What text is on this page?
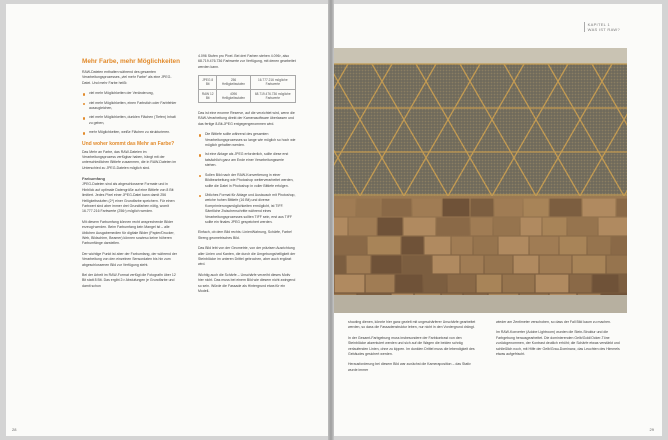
Mehr Farbe, mehr Möglichkeiten

RAW-Dateien enthalten während des gesamten Verarbeitungsprozesses „viel mehr Farbe“ als eine JPEG-Datei. Und mehr Farbe heißt:

viel mehr Möglichkeiten der Veränderung,
viel mehr Möglichkeiten, einen Farbstich oder Farbfehler auszugleichen,
viel mehr Möglichkeiten, dunklen Flächen (Tiefen) Inhalt zu geben,
mehr Möglichkeiten, weiße Flächen zu strukturieren.
Und woher kommt das Mehr an Farbe?

Das Mehr an Farbe, das RAW-Dateien im Verarbeitungsprozess verfügbar haben, hängt mit der unterschiedlichen Bittiefe zusammen, die in RAW-Dateien im Unterschied zu JPEG-Dateien möglich sind.

Farbumfang

JPEG-Dateien sind als abgeschlossene Formate und in Hinblick auf optimale Datengröße auf eine Bittiefe von 8 Bit limitiert. Jedes Pixel einer JPEG-Datei kann damit 256 Helligkeitsstufen (2⁸) einer Grundfarbe speichern. Für einen Farbwert sind aber immer drei Grundfarben nötig, womit 16.777.216 Farbwerte (256³) möglich werden.

Mit diesem Farbumfang können recht ansprechende Bilder erzeugt werden. Beim Farbumfang kein Mangel ist – alle üblichen Ausgabemedien für digitale Bilder (Papier/Drucker, Web, Bildschirm, Beamer) können sowieso keine höheren Farbumfänge darstellen.

Der wichtige Punkt ist aber der Farbumfang, der während der Verarbeitung von den einzelnen Sensordaten bis hin zum abgeschlossenen Bild zur Verfügung steht.

Bei der Arbeit im RAW-Format verfügt die Fotografin über 12 Bit statt 8 Bit. Das ergibt 2¹² Abstufungen je Grundfarbe und damit schon

4.096 Stufen pro Pixel. Bei drei Farben stehen 4.096³, also 68.719.476.736 Farbwerte zur Verfügung, mit denen gearbeitet werden kann.

JPEG 8 Bit	256 Helligkeitsstufen	16.777.216 mögliche Farbwerte
RAW 12 Bit	4096 Helligkeitsstufen	68.719.476.736 mögliche Farbwerte

Das ist eine enorme Reserve, auf die verzichtet wird, wenn die RAW-Verarbeitung direkt der Kamerasoftware überlassen und das fertige 8-Bit-JPEG entgegengenommen wird.

Die Bittiefe sollte während des gesamten Verarbeitungsprozesses so lange wie möglich so hoch wie möglich gehalten werden.
Ist eine Ablage als JPEG erforderlich, sollte diese erst tatsächlich ganz am Ende einer Verarbeitungsserie stehen.
Sollen Bild nach der RAW-Konvertierung in einer Bildbearbeitung wie Photoshop weiterverarbeitet werden, sollte die Datei in Photoshop in voller Bittiefe erfolgen.
Übliches Format für Ablage und Austausch mit Photoshop, welche hohen Bittiefe (16 Bit) und diverse Komprimierungsmöglichkeiten ermöglicht, ist TIFF. Sämtliche Zwischenschritte während eines Verarbeitungsprozesses sollten TIFF sein, erst aus TIFF sollte ein finales JPEG gespeichert werden.

Einfach, ob dem Bild rechts: LinienWahrung, Schärfe, Farbe! Streng geometrisches Bild.

Das Bild lebt von der Geometrie, von der präzisen Ausrichtung aller Linien und Kanten, die durch die Umgebungshelligkeit der Steinblöcke im unteren Drittel gebrochen, aber auch ergänzt wird.

Wichtig auch die Schärfe – Unschärfe verzeiht dieses Motiv hier nicht. Das muss bei einem Bild wie diesem nicht zwingend so sein. Würde die Fassade als Hintergrund etwa für ein Modell-

28
KAPITEL 1
WAS IST RAW?

shooting dienen, könnte hier ganz gezielt mit ungeschärferer Unschärfe gearbeitet werden, so dass die Fassadenstruktur leben, nur nicht in den Vordergrund drängt.

In der Gesamt-Farbgebung muss insbesondere der Farbkontrast von den Steinblöcke akzentuiert werden und sich auf die Wagen die beiden schräg verlaufenden Linien, ohne zu kippen. Im dunklen Drittel muss die lebendigkeit des Gebäudes gesichert werden.

Herausforderung bei diesem Bild war zunächst die Kameraposition – das Stativ wurde immer

wieder am Zentimeter verschoben, so dass der Fall Bild kaum zu machen.

Im RAW-Konverter (Adobe Lightroom) wurden die Stein-Struktur und die Farbgebung herausgearbeitet. Die dominierenden Gelb/Gold/Ocker-Töne zurückgenommen, der Kontrast deutlich erhöht; die Schärfe etwas verstärkt und schließlich noch, mit Hilfe der Gelb/Grau-Dominanz, das Leuchten des Himmels etwas aufgefrischt.

29
